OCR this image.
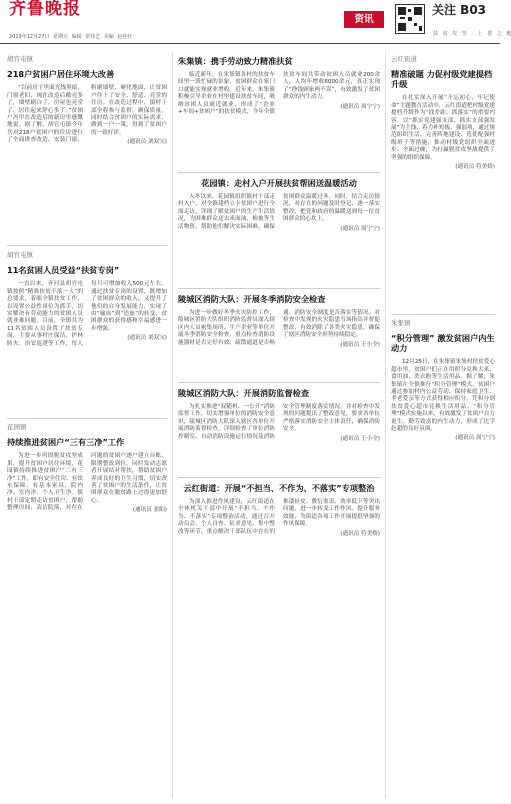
齐鲁晚报
2019年12月27日 星期五 编辑 常伟艺 美编 赵桂红
资讯
关注 B03
扶 贫 攻 坚 · 上 善 之 地
胡官屯镇
218户贫困户居住环境大改善

“以前房子里面光线黑暗，门窗老旧，现在改造后敞亮多了，墙壁刷白了，房屋也亮堂了，居住起来舒心多了。”贫困户冯甲在改造后的新房里感慨地说。据了解，胡官屯镇今年共对218户贫困户的住房进行了全面排查改造，安装门窗、粉刷墙壁、硬化地面，让贫困户住上了安全、舒适、亮堂的住房。在改造过程中，镇村干部全程参与监督，确保质量，同时结合贫困户的实际需求，做到一户一策，得到了贫困户的一致好评。

(通讯员 刘双宝)

胡官屯镇
11名贫困人员受益“扶贫专岗”

一直以来，齐河县胡官屯镇按照“精准扶贫不落一人”的总要求，着眼全镇扶贫工作，以设置公益性岗位为抓手，切实解决有劳动能力的贫困人员就业难问题。目前，全镇共为11名贫困人员设置了扶贫专岗，主要从事村庄保洁、护林防火、治安巡逻等工作，每人每月可增加收入500元左右。通过扶贫专岗的设置，既增加了贫困群众的收入，又提升了他们的自身发展能力，实现了由“输血”到“造血”的转变，贫困群众的获得感和幸福感进一步增强。

(通讯员 刘双宝)

花园镇
持续推进贫困户“三有三净”工作

为进一步巩固脱贫攻坚成果，提升贫困户居住环境，花园镇持续推进贫困户“三有三净”工作，即有安全住房、有饮水保障、有基本家具，院内净、室内净、个人卫生净。镇村干部定期走访贫困户，帮助整理房间、清洁院落，对存在问题的贫困户逐户建立台账，限期整改到位。同时发动志愿者开展结对帮扶，帮助贫困户养成良好的卫生习惯，切实改善了贫困户的生活条件，让贫困群众在脱贫路上过得更加舒心。

(通讯员 张阳)

朱集镇：携手劳动致力精准扶贫

临近新年，在朱集镇各村的扶贫车间里一派忙碌的景象，贫困群众在家门口就能实现就业增收。近年来，朱集镇积极引导企业在村里建设扶贫车间，吸纳贫困人员就近就业，形成了“企业+车间+贫困户”的扶贫模式，今年全镇扶贫车间共带动贫困人员就业200余人，人均年增收6000余元，真正实现了“挣钱顾家两不误”，有效激发了贫困群众的内生动力。

(通讯员 周宁宁)

花园镇：走村入户开展扶贫帮困送温暖活动

入冬以来，花园镇组织镇村干部走村入户，对全镇建档立卡贫困户进行全面走访，详细了解贫困户的生产生活情况，为困难群众送去米面油、棉被等生活物资，帮助他们解决实际困难，确保贫困群众温暖过冬。同时，结合走访情况，对存在的问题及时登记、逐一落实整改，把党和政府的温暖送到每一位贫困群众的心坎上。

(通讯员 周宁宁)

陵城区消防大队：开展冬季消防安全检查

为进一步做好冬季火灾防控工作，陵城区消防大队组织消防监督员深入辖区内人员密集场所、生产企业等单位开展冬季消防安全检查，重点检查消防设施器材是否完好有效、疏散通道是否畅通、消防安全制度是否落实等情况。对检查中发现的火灾隐患当场指出并督促整改，有效消除了各类火灾隐患，确保了辖区消防安全形势持续稳定。

(通讯员 王小全)

陵城区消防大队：开展消防监督检查

为扎实推进“双随机、一公开”消防监督工作，切实增强单位的消防安全意识，陵城区消防大队深入辖区各单位开展消防监督检查，详细检查了单位消防控制室、自动消防设施运行情况及消防安全管理制度落实情况，并对检查中发现的问题提出了整改意见，要求各单位严格落实消防安全主体责任，确保消防安全。

(通讯员 王小全)

云红街道：开展“不担当、不作为、不落实”专项整治

为深入推进作风建设，云红街道在全体机关干部中开展“不担当、不作为、不落实”专项整治活动，通过召开动员会、个人自查、征求意见、集中整改等环节，重点解决干部队伍中存在的推诿扯皮、敷衍塞责、效率低下等突出问题，进一步转变工作作风，提升服务效能，为街道各项工作开展提供坚强的作风保障。

(通讯员 符美娇)

云红街道
精准破题 力促村级党建提档升级

在扎实深入开展“不忘初心、牢记使命”主题教育活动中，云红街道把村级党建提档升级作为“找差距、抓落实”的重要内容，以“抓实党建强支部，抓实支部强发展”为主线，着力补短板、强弱项，通过规范组织生活、完善阵地建设、选优配强村级班子等措施，推动村级党组织全面进步、全面过硬，为打赢脱贫攻坚战提供了坚强的组织保障。

(通讯员 符美娇)

朱集镇
“积分管理” 激发贫困户内生动力

12月25日，在朱集镇朱集村扶贫爱心超市里，贫困户们正在用积分兑换大米、食用油、洗衣粉等生活用品。据了解，朱集镇在全镇推行“积分管理”模式，贫困户通过参加村内公益劳动、保持家庭卫生、孝老爱亲等方式获得相应积分，凭积分到扶贫爱心超市兑换生活用品。“积分管理”模式实施以来，有效激发了贫困户自力更生、勤劳致富的内生动力，形成了比学赶超的良好氛围。

(通讯员 周宁宁)
